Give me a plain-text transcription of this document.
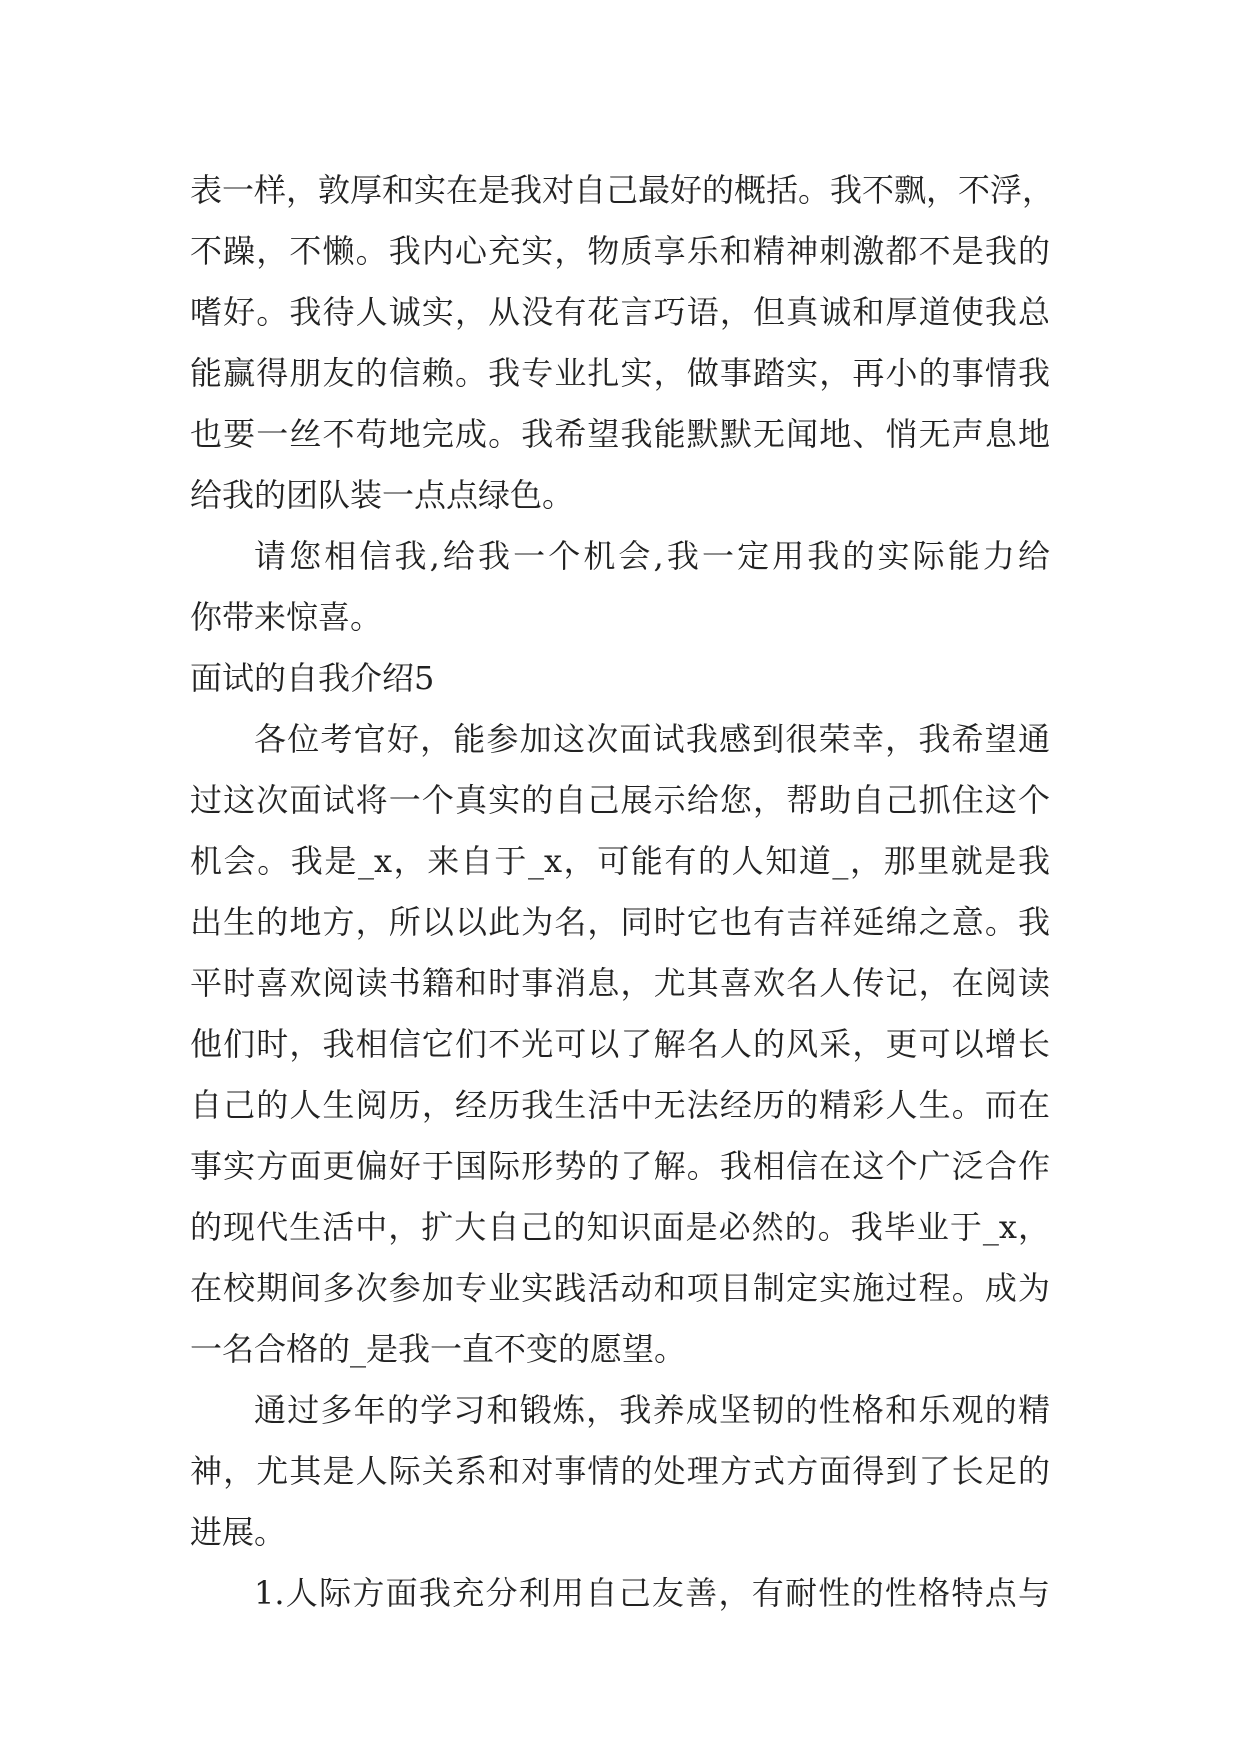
表一样，敦厚和实在是我对自己最好的概括。我不飘，不浮，
不躁，不懒。我内心充实，物质享乐和精神刺激都不是我的
嗜好。我待人诚实，从没有花言巧语，但真诚和厚道使我总
能赢得朋友的信赖。我专业扎实，做事踏实，再小的事情我
也要一丝不苟地完成。我希望我能默默无闻地、悄无声息地
给我的团队装一点点绿色。
请您相信我,给我一个机会,我一定用我的实际能力给
你带来惊喜。
面试的自我介绍5
各位考官好，能参加这次面试我感到很荣幸，我希望通
过这次面试将一个真实的自己展示给您，帮助自己抓住这个
机会。我是_x，来自于_x，可能有的人知道_，那里就是我
出生的地方，所以以此为名，同时它也有吉祥延绵之意。我
平时喜欢阅读书籍和时事消息，尤其喜欢名人传记，在阅读
他们时，我相信它们不光可以了解名人的风采，更可以增长
自己的人生阅历，经历我生活中无法经历的精彩人生。而在
事实方面更偏好于国际形势的了解。我相信在这个广泛合作
的现代生活中，扩大自己的知识面是必然的。我毕业于_x，
在校期间多次参加专业实践活动和项目制定实施过程。成为
一名合格的_是我一直不变的愿望。
通过多年的学习和锻炼，我养成坚韧的性格和乐观的精
神，尤其是人际关系和对事情的处理方式方面得到了长足的
进展。
1.人际方面我充分利用自己友善，有耐性的性格特点与
